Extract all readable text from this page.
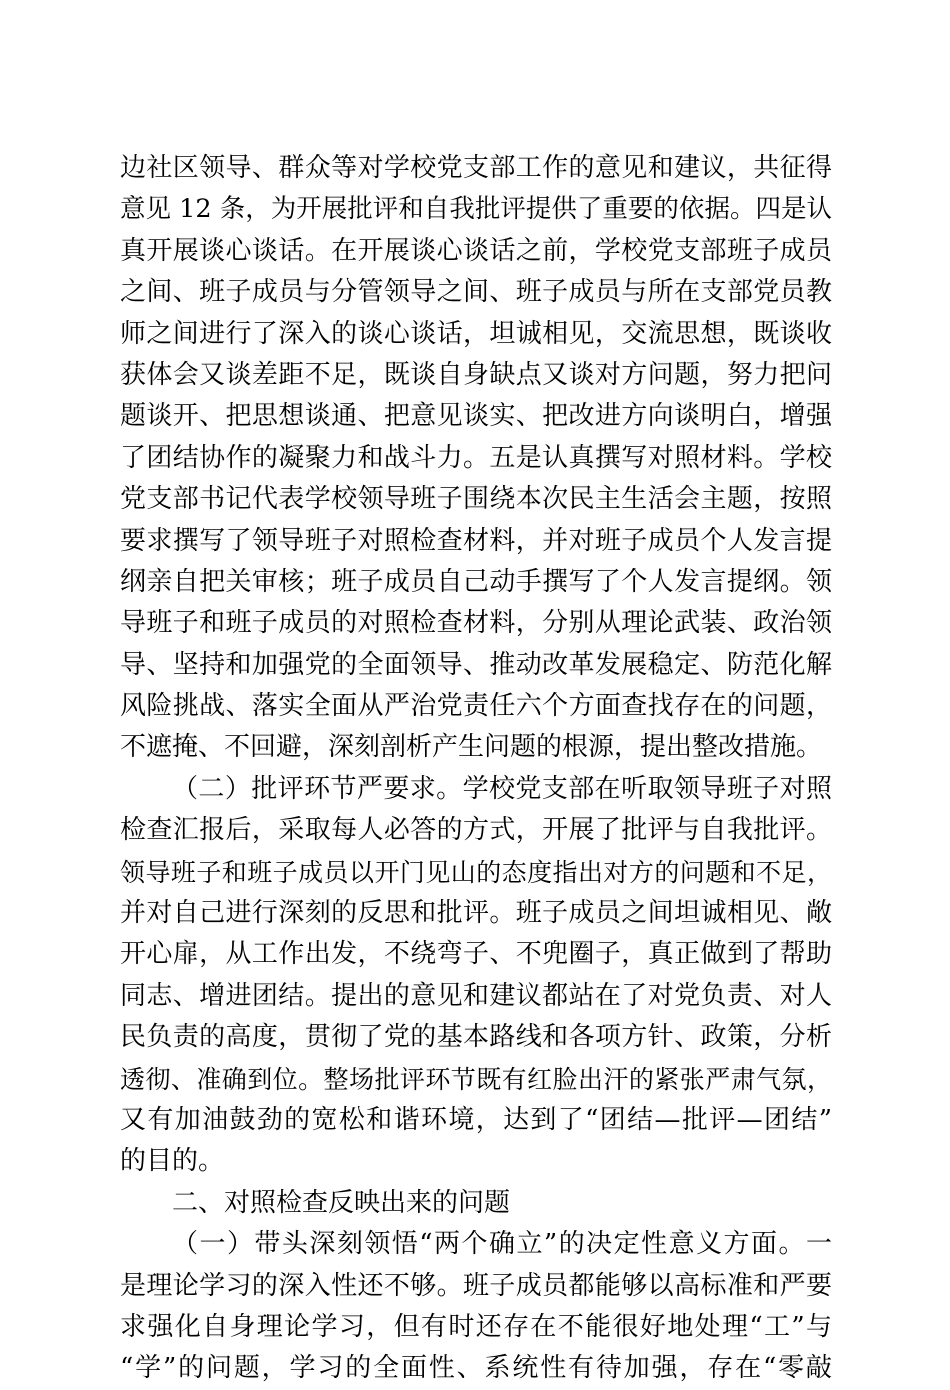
边社区领导、群众等对学校党支部工作的意见和建议，共征得
意见 12 条，为开展批评和自我批评提供了重要的依据。四是认
真开展谈心谈话。在开展谈心谈话之前，学校党支部班子成员
之间、班子成员与分管领导之间、班子成员与所在支部党员教
师之间进行了深入的谈心谈话，坦诚相见，交流思想，既谈收
获体会又谈差距不足，既谈自身缺点又谈对方问题，努力把问
题谈开、把思想谈通、把意见谈实、把改进方向谈明白，增强
了团结协作的凝聚力和战斗力。五是认真撰写对照材料。学校
党支部书记代表学校领导班子围绕本次民主生活会主题，按照
要求撰写了领导班子对照检查材料，并对班子成员个人发言提
纲亲自把关审核；班子成员自己动手撰写了个人发言提纲。领
导班子和班子成员的对照检查材料，分别从理论武装、政治领
导、坚持和加强党的全面领导、推动改革发展稳定、防范化解
风险挑战、落实全面从严治党责任六个方面查找存在的问题，
不遮掩、不回避，深刻剖析产生问题的根源，提出整改措施。
（二）批评环节严要求。学校党支部在听取领导班子对照
检查汇报后，采取每人必答的方式，开展了批评与自我批评。
领导班子和班子成员以开门见山的态度指出对方的问题和不足，
并对自己进行深刻的反思和批评。班子成员之间坦诚相见、敞
开心扉，从工作出发，不绕弯子、不兜圈子，真正做到了帮助
同志、增进团结。提出的意见和建议都站在了对党负责、对人
民负责的高度，贯彻了党的基本路线和各项方针、政策，分析
透彻、准确到位。整场批评环节既有红脸出汗的紧张严肃气氛，
又有加油鼓劲的宽松和谐环境，达到了“团结—批评—团结”
的目的。
二、对照检查反映出来的问题
（一）带头深刻领悟“两个确立”的决定性意义方面。一
是理论学习的深入性还不够。班子成员都能够以高标准和严要
求强化自身理论学习，但有时还存在不能很好地处理“工”与
“学”的问题，学习的全面性、系统性有待加强，存在“零敲
